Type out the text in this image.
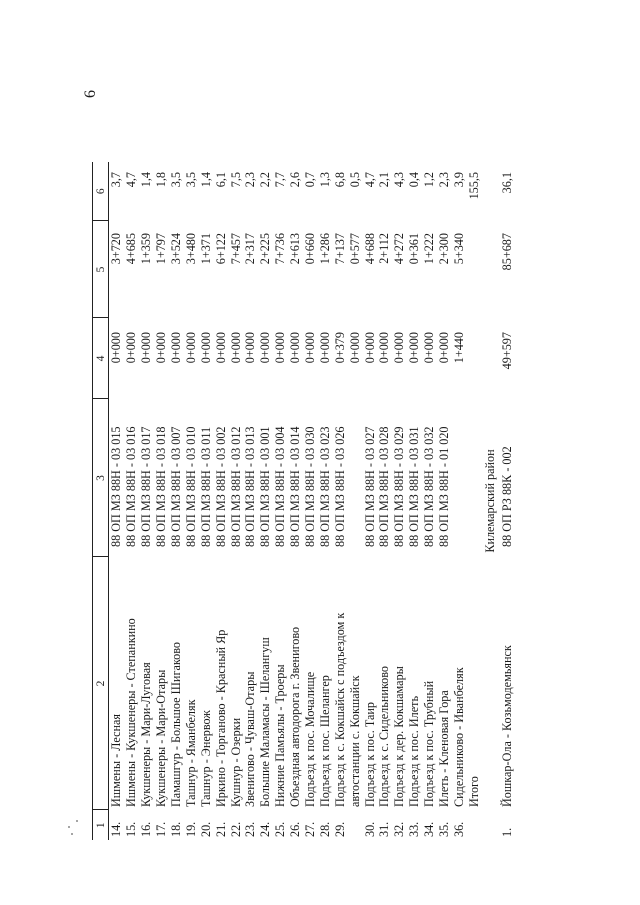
6
1	2	3	4	5	6
14.	Ишмены - Лесная	88 ОП МЗ 88Н - 03 015	0+000	3+720	3,7
15.	Ишмены - Кукшенеры - Степанкино	88 ОП МЗ 88Н - 03 016	0+000	4+685	4,7
16.	Кукшенеры - Мари-Луговая	88 ОП МЗ 88Н - 03 017	0+000	1+359	1,4
17.	Кукшенеры - Мари-Отары	88 ОП МЗ 88Н - 03 018	0+000	1+797	1,8
18.	Памашгур - Большое Шигаково	88 ОП МЗ 88Н - 03 007	0+000	3+524	3,5
19.	Ташнур - Яманбеляк	88 ОП МЗ 88Н - 03 010	0+000	3+480	3,5
20.	Ташнур - Энервож	88 ОП МЗ 88Н - 03 011	0+000	1+371	1,4
21.	Иркино - Торганово - Красный Яр	88 ОП МЗ 88Н - 03 002	0+000	6+122	6,1
22.	Кушнур - Озерки	88 ОП МЗ 88Н - 03 012	0+000	7+457	7,5
23.	Звенигово - Чуваш-Отары	88 ОП МЗ 88Н - 03 013	0+000	2+317	2,3
24.	Большие Маламасы - Шелангуш	88 ОП МЗ 88Н - 03 001	0+000	2+225	2,2
25.	Нижние Памъялы - Троеры	88 ОП МЗ 88Н - 03 004	0+000	7+736	7,7
26.	Объездная автодорога г. Звенигово	88 ОП МЗ 88Н - 03 014	0+000	2+613	2,6
27.	Подъезд к пос. Мочалище	88 ОП МЗ 88Н - 03 030	0+000	0+660	0,7
28.	Подъезд к пос. Шелангер	88 ОП МЗ 88Н - 03 023	0+000	1+286	1,3
29.	Подъезд к с. Кокшайск с подъездом к	88 ОП МЗ 88Н - 03 026	0+379	7+137	6,8
	автостанции с. Кокшайск		0+000	0+577	0,5
30.	Подъезд к пос. Таир	88 ОП МЗ 88Н - 03 027	0+000	4+688	4,7
31.	Подъезд к с. Сидельниково	88 ОП МЗ 88Н - 03 028	0+000	2+112	2,1
32.	Подъезд к дер. Кокшамары	88 ОП МЗ 88Н - 03 029	0+000	4+272	4,3
33.	Подъезд к пос. Илеть	88 ОП МЗ 88Н - 03 031	0+000	0+361	0,4
34.	Подъезд к пос. Трубный	88 ОП МЗ 88Н - 03 032	0+000	1+222	1,2
35.	Илеть - Кленовая Гора	88 ОП МЗ 88Н - 01 020	0+000	2+300	2,3
36.	Сидельниково - Иванбеляк		1+440	5+340	3,9
	Итого				155,5
Килемарский район					
1.	Йошкар-Ола - Козьмодемьянск	88 ОП РЗ 88К - 002	49+597	85+687	36,1
